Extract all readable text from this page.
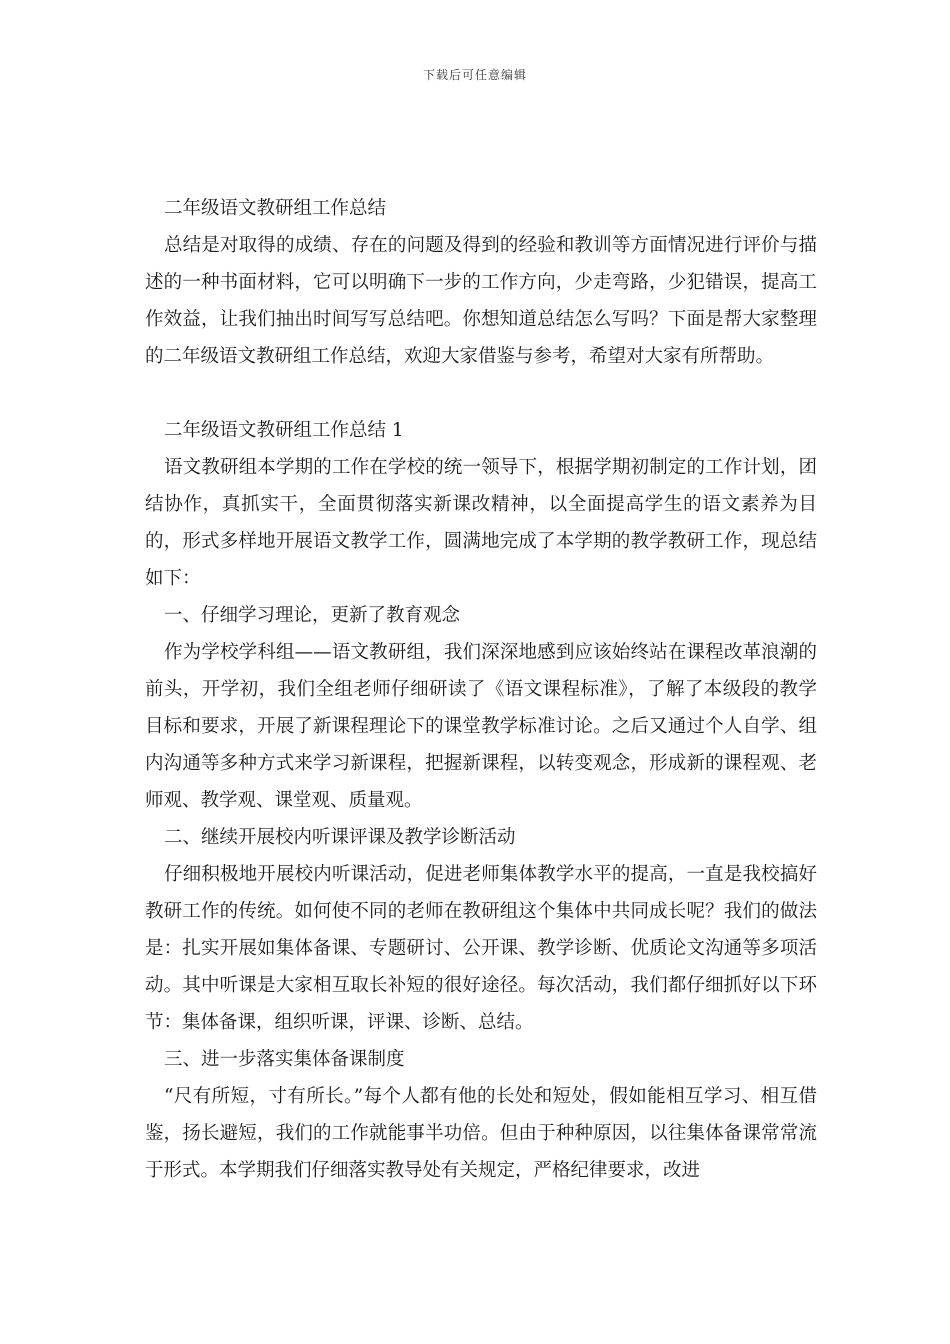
下载后可任意编辑

二年级语文教研组工作总结

总结是对取得的成绩、存在的问题及得到的经验和教训等方面情况进行评价与描述的一种书面材料，它可以明确下一步的工作方向，少走弯路，少犯错误，提高工作效益，让我们抽出时间写写总结吧。你想知道总结怎么写吗？下面是帮大家整理的二年级语文教研组工作总结，欢迎大家借鉴与参考，希望对大家有所帮助。

二年级语文教研组工作总结 1

语文教研组本学期的工作在学校的统一领导下，根据学期初制定的工作计划，团结协作，真抓实干，全面贯彻落实新课改精神，以全面提高学生的语文素养为目的，形式多样地开展语文教学工作，圆满地完成了本学期的教学教研工作，现总结如下：

一、仔细学习理论，更新了教育观念

作为学校学科组——语文教研组，我们深深地感到应该始终站在课程改革浪潮的前头，开学初，我们全组老师仔细研读了《语文课程标准》，了解了本级段的教学目标和要求，开展了新课程理论下的课堂教学标准讨论。之后又通过个人自学、组内沟通等多种方式来学习新课程，把握新课程，以转变观念，形成新的课程观、老师观、教学观、课堂观、质量观。

二、继续开展校内听课评课及教学诊断活动

仔细积极地开展校内听课活动，促进老师集体教学水平的提高，一直是我校搞好教研工作的传统。如何使不同的老师在教研组这个集体中共同成长呢？我们的做法是：扎实开展如集体备课、专题研讨、公开课、教学诊断、优质论文沟通等多项活动。其中听课是大家相互取长补短的很好途径。每次活动，我们都仔细抓好以下环节：集体备课，组织听课，评课、诊断、总结。

三、进一步落实集体备课制度

“尺有所短，寸有所长。”每个人都有他的长处和短处，假如能相互学习、相互借鉴，扬长避短，我们的工作就能事半功倍。但由于种种原因，以往集体备课常常流于形式。本学期我们仔细落实教导处有关规定，严格纪律要求，改进
